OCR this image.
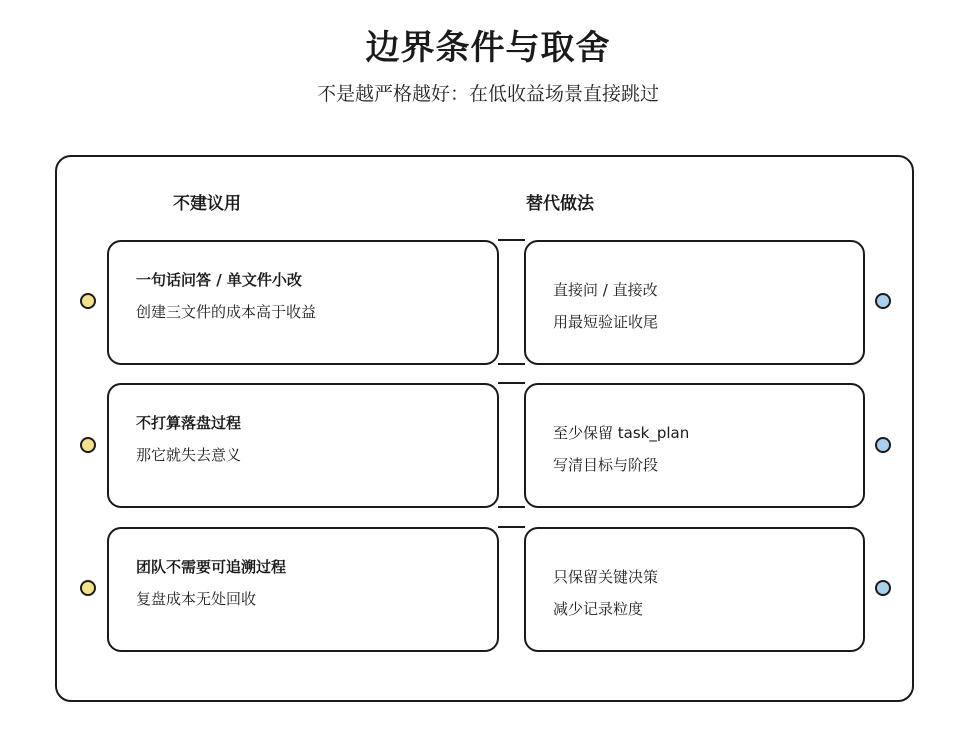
边界条件与取舍
不是越严格越好：在低收益场景直接跳过
不建议用	替代做法
一句话问答 / 单文件小改
创建三文件的成本高于收益
直接问 / 直接改
用最短验证收尾
不打算落盘过程
那它就失去意义
至少保留 task_plan
写清目标与阶段
团队不需要可追溯过程
复盘成本无处回收
只保留关键决策
减少记录粒度
